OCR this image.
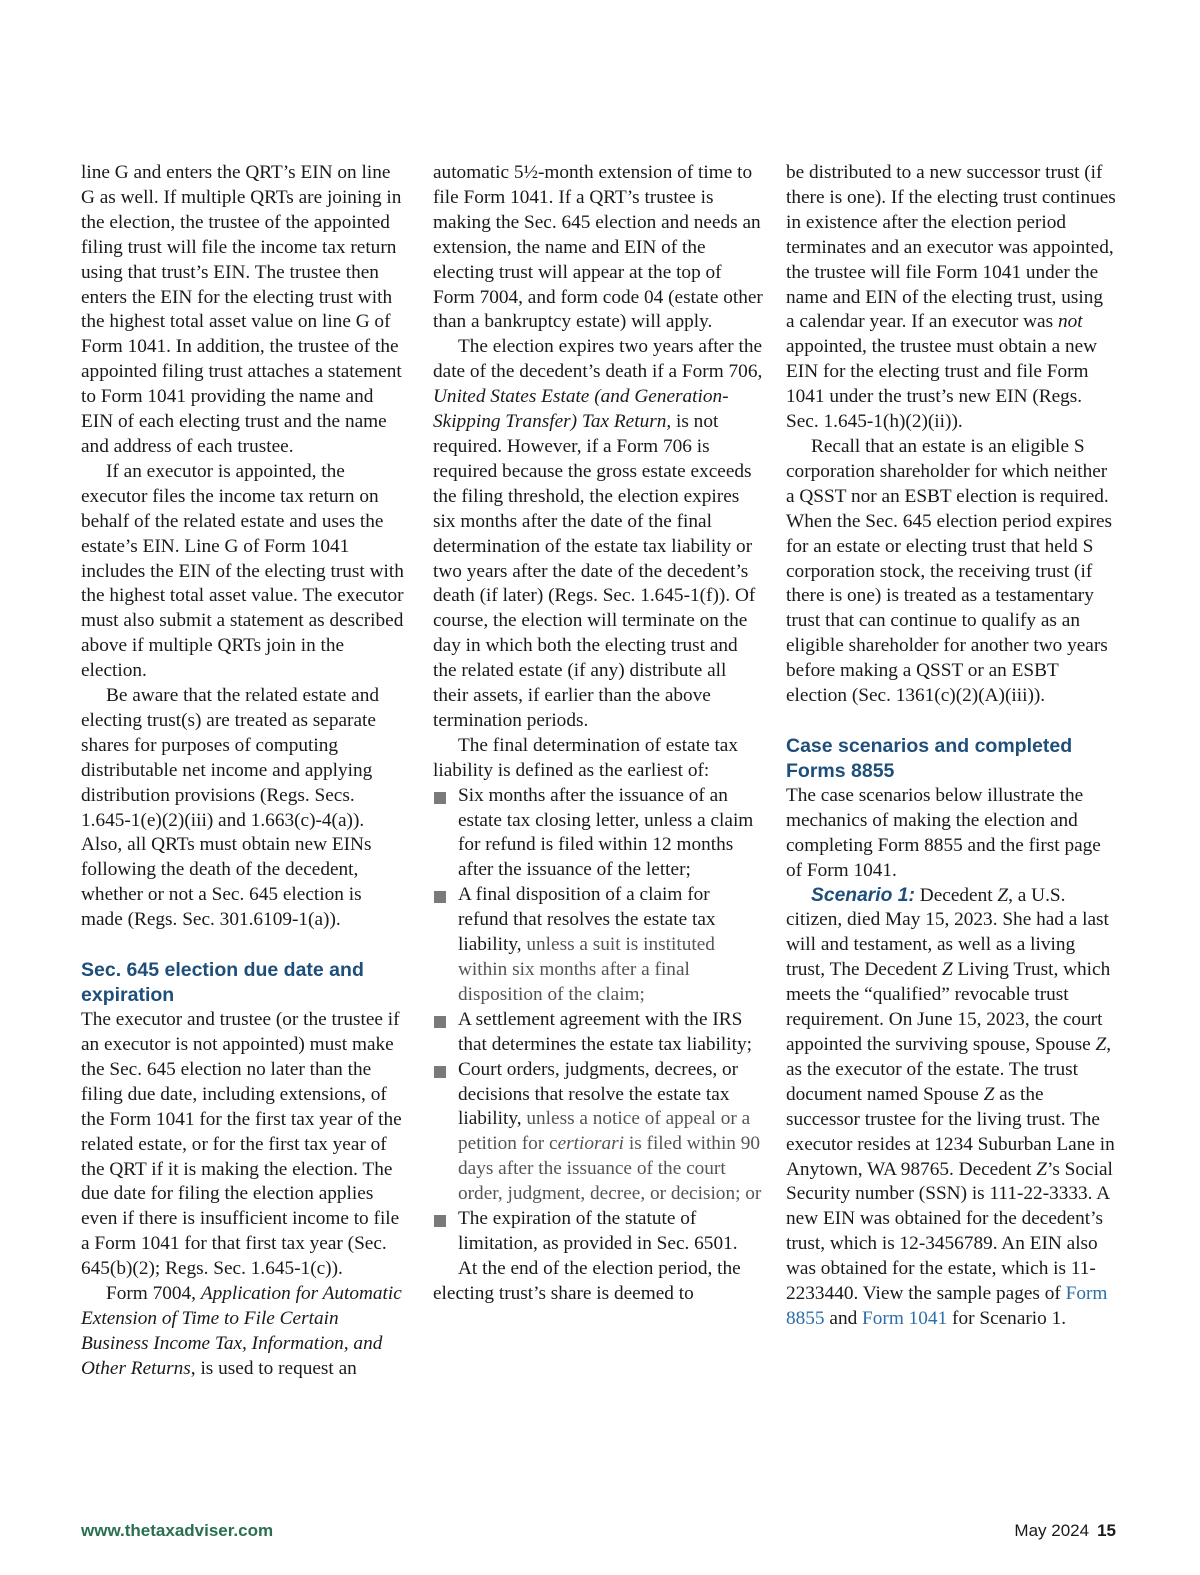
line G and enters the QRT’s EIN on line G as well. If multiple QRTs are joining in the election, the trustee of the appointed filing trust will file the income tax return using that trust’s EIN. The trustee then enters the EIN for the electing trust with the highest total asset value on line G of Form 1041. In addition, the trustee of the appointed filing trust attaches a statement to Form 1041 providing the name and EIN of each electing trust and the name and address of each trustee.

If an executor is appointed, the executor files the income tax return on behalf of the related estate and uses the estate’s EIN. Line G of Form 1041 includes the EIN of the electing trust with the highest total asset value. The executor must also submit a statement as described above if multiple QRTs join in the election.

Be aware that the related estate and electing trust(s) are treated as separate shares for purposes of computing distributable net income and applying distribution provisions (Regs. Secs. 1.645-1(e)(2)(iii) and 1.663(c)-4(a)). Also, all QRTs must obtain new EINs following the death of the decedent, whether or not a Sec. 645 election is made (Regs. Sec. 301.6109-1(a)).

Sec. 645 election due date and expiration

The executor and trustee (or the trustee if an executor is not appointed) must make the Sec. 645 election no later than the filing due date, including extensions, of the Form 1041 for the first tax year of the related estate, or for the first tax year of the QRT if it is making the election. The due date for filing the election applies even if there is insufficient income to file a Form 1041 for that first tax year (Sec. 645(b)(2); Regs. Sec. 1.645-1(c)).

Form 7004, Application for Automatic Extension of Time to File Certain Business Income Tax, Information, and Other Returns, is used to request an

automatic 5½-month extension of time to file Form 1041. If a QRT’s trustee is making the Sec. 645 election and needs an extension, the name and EIN of the electing trust will appear at the top of Form 7004, and form code 04 (estate other than a bankruptcy estate) will apply.

The election expires two years after the date of the decedent’s death if a Form 706, United States Estate (and Generation-Skipping Transfer) Tax Return, is not required. However, if a Form 706 is required because the gross estate exceeds the filing threshold, the election expires six months after the date of the final determination of the estate tax liability or two years after the date of the decedent’s death (if later) (Regs. Sec. 1.645-1(f)). Of course, the election will terminate on the day in which both the electing trust and the related estate (if any) distribute all their assets, if earlier than the above termination periods.

The final determination of estate tax liability is defined as the earliest of:

Six months after the issuance of an estate tax closing letter, unless a claim for refund is filed within 12 months after the issuance of the letter;
A final disposition of a claim for refund that resolves the estate tax liability, unless a suit is instituted within six months after a final disposition of the claim;
A settlement agreement with the IRS that determines the estate tax liability;
Court orders, judgments, decrees, or decisions that resolve the estate tax liability, unless a notice of appeal or a petition for certiorari is filed within 90 days after the issuance of the court order, judgment, decree, or decision; or
The expiration of the statute of limitation, as provided in Sec. 6501.

At the end of the election period, the electing trust’s share is deemed to

be distributed to a new successor trust (if there is one). If the electing trust continues in existence after the election period terminates and an executor was appointed, the trustee will file Form 1041 under the name and EIN of the electing trust, using a calendar year. If an executor was not appointed, the trustee must obtain a new EIN for the electing trust and file Form 1041 under the trust’s new EIN (Regs. Sec. 1.645-1(h)(2)(ii)).

Recall that an estate is an eligible S corporation shareholder for which neither a QSST nor an ESBT election is required. When the Sec. 645 election period expires for an estate or electing trust that held S corporation stock, the receiving trust (if there is one) is treated as a testamentary trust that can continue to qualify as an eligible shareholder for another two years before making a QSST or an ESBT election (Sec. 1361(c)(2)(A)(iii)).

Case scenarios and completed Forms 8855

The case scenarios below illustrate the mechanics of making the election and completing Form 8855 and the first page of Form 1041.

Scenario 1: Decedent Z, a U.S. citizen, died May 15, 2023. She had a last will and testament, as well as a living trust, The Decedent Z Living Trust, which meets the “qualified” revocable trust requirement. On June 15, 2023, the court appointed the surviving spouse, Spouse Z, as the executor of the estate. The trust document named Spouse Z as the successor trustee for the living trust. The executor resides at 1234 Suburban Lane in Anytown, WA 98765. Decedent Z’s Social Security number (SSN) is 111-22-3333. A new EIN was obtained for the decedent’s trust, which is 12-3456789. An EIN also was obtained for the estate, which is 11-2233440. View the sample pages of Form 8855 and Form 1041 for Scenario 1.

www.thetaxadviser.com	May 2024 15
